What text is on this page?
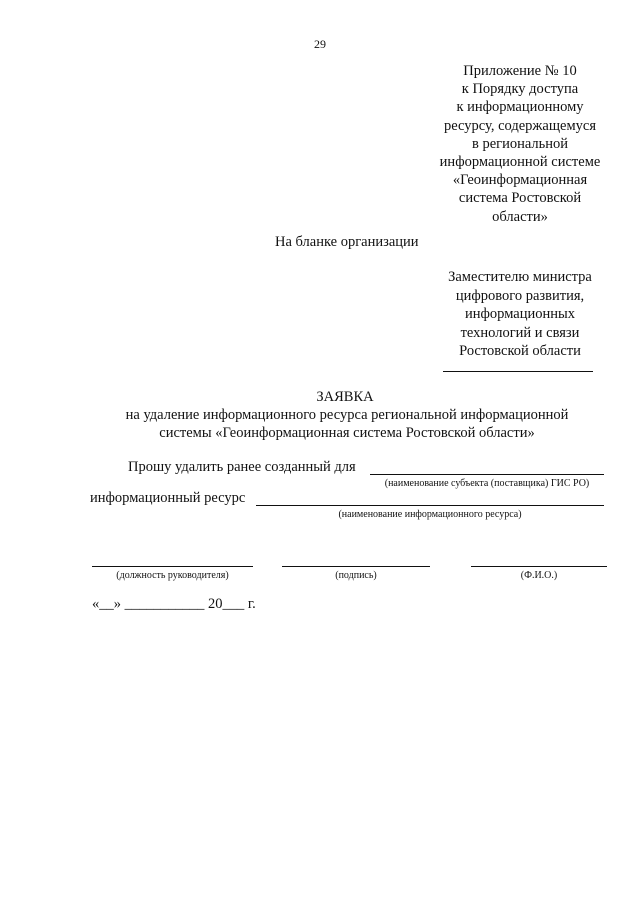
29
Приложение № 10
к Порядку доступа
к информационному
ресурсу, содержащемуся
в региональной
информационной системе
«Геоинформационная
система Ростовской
области»
На бланке организации
Заместителю министра
цифрового развития,
информационных
технологий и связи
Ростовской области
ЗАЯВКА
на удаление информационного ресурса региональной информационной
системы «Геоинформационная система Ростовской области»
Прошу удалить ранее созданный для
(наименование субъекта (поставщика) ГИС РО)
информационный ресурс
(наименование информационного ресурса)
(должность руководителя)	(подпись)	(Ф.И.О.)
«__» ___________ 20___ г.
